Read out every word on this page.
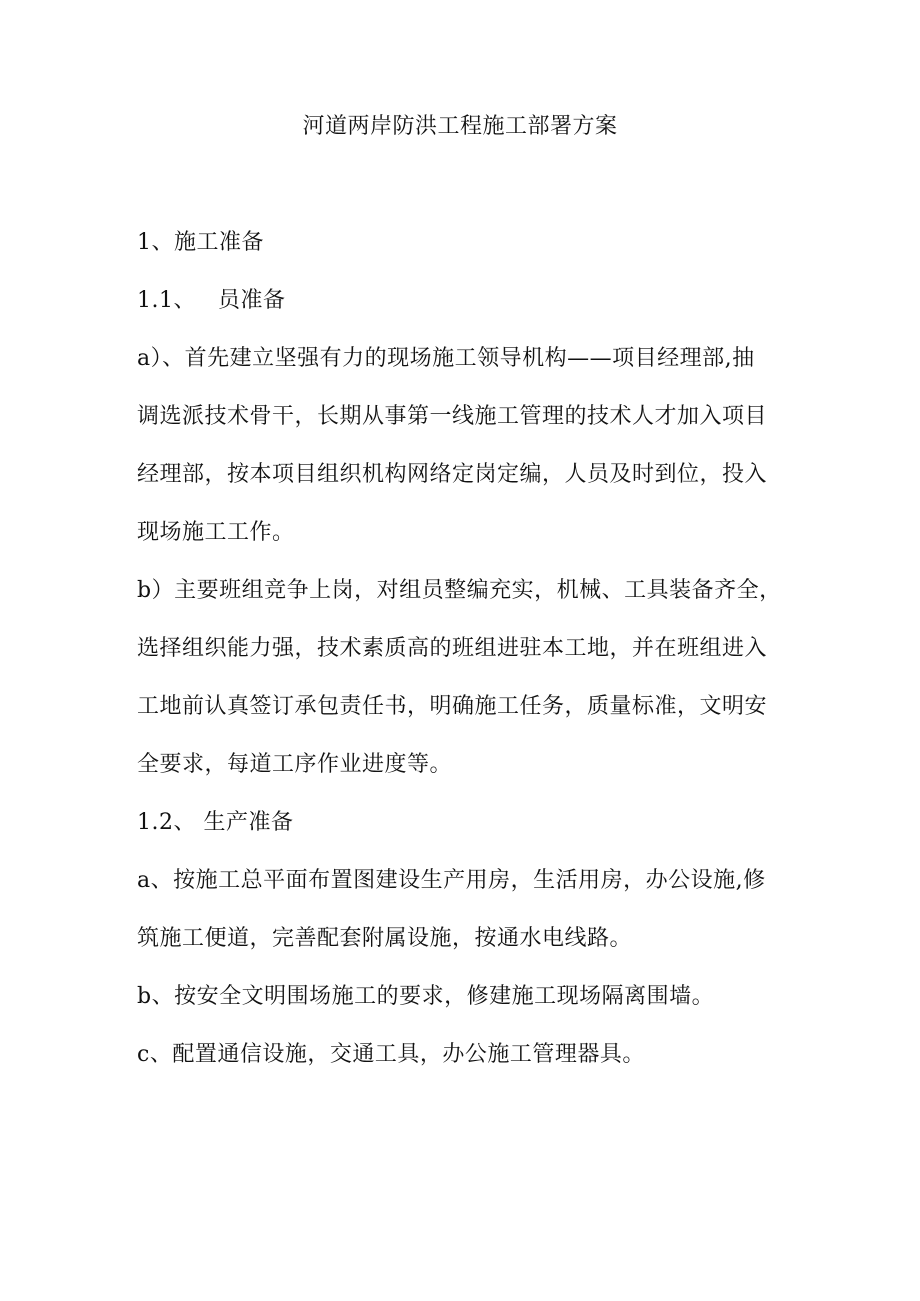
河道两岸防洪工程施工部署方案
1、施工准备
1.1、 员准备
a）、首先建立坚强有力的现场施工领导机构——项目经理部,抽
调选派技术骨干，长期从事第一线施工管理的技术人才加入项目
经理部，按本项目组织机构网络定岗定编，人员及时到位，投入
现场施工工作。
b）主要班组竞争上岗，对组员整编充实，机械、工具装备齐全，
选择组织能力强，技术素质高的班组进驻本工地，并在班组进入
工地前认真签订承包责任书，明确施工任务，质量标准，文明安
全要求，每道工序作业进度等。
1.2、 生产准备
a、按施工总平面布置图建设生产用房，生活用房，办公设施,修
筑施工便道，完善配套附属设施，按通水电线路。
b、按安全文明围场施工的要求，修建施工现场隔离围墙。
c、配置通信设施，交通工具，办公施工管理器具。
